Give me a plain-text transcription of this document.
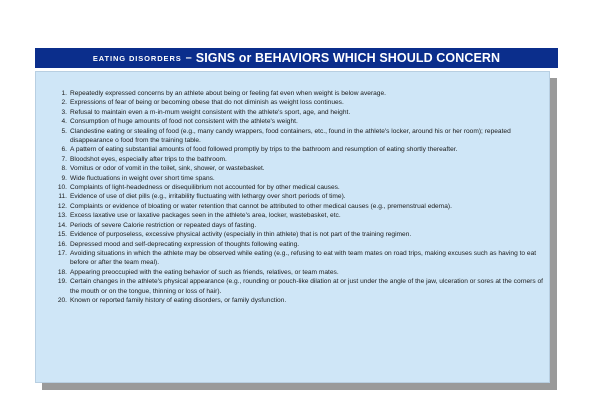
EATING DISORDERS – SIGNS or BEHAVIORS WHICH SHOULD CONCERN
1. Repeatedly expressed concerns by an athlete about being or feeling fat even when weight is below average.
2. Expressions of fear of being or becoming obese that do not diminish as weight loss continues.
3. Refusal to maintain even a m-in-mum weight consistent with the athlete's sport, age, and height.
4. Consumption of huge amounts of food not consistent with the athlete's weight.
5. Clandestine eating or stealing of food (e.g., many candy wrappers, food containers, etc., found in the athlete's locker, around his or her room); repeated disappearance o food from the training table.
6. A pattern of eating substantial amounts of food followed promptly by trips to the bathroom and resumption of eating shortly thereafter.
7. Bloodshot eyes, especially after trips to the bathroom.
8. Vomitus or odor of vomit in the toilet, sink, shower, or wastebasket.
9. Wide fluctuations in weight over short time spans.
10. Complaints of light-headedness or disequilibrium not accounted for by other medical causes.
11. Evidence of use of diet pills (e.g., irritability fluctuating with lethargy over short periods of time).
12. Complaints or evidence of bloating or water retention that cannot be attributed to other medical causes (e.g., premenstrual edema).
13. Excess laxative use or laxative packages seen in the athlete's area, locker, wastebasket, etc.
14. Periods of severe Calorie restriction or repeated days of fasting.
15. Evidence of purposeless, excessive physical activity (especially in thin athlete) that is not part of the training regimen.
16. Depressed mood and self-deprecating expression of thoughts following eating.
17. Avoiding situations in which the athlete may be observed while eating (e.g., refusing to eat with team mates on road trips, making excuses such as having to eat before or after the team meal).
18. Appearing preoccupied with the eating behavior of such as friends, relatives, or team mates.
19. Certain changes in the athlete's physical appearance (e.g., rounding or pouch-like dilation at or just under the angle of the jaw, ulceration or sores at the corners of the mouth or on the tongue, thinning or loss of hair).
20. Known or reported family history of eating disorders, or family dysfunction.
